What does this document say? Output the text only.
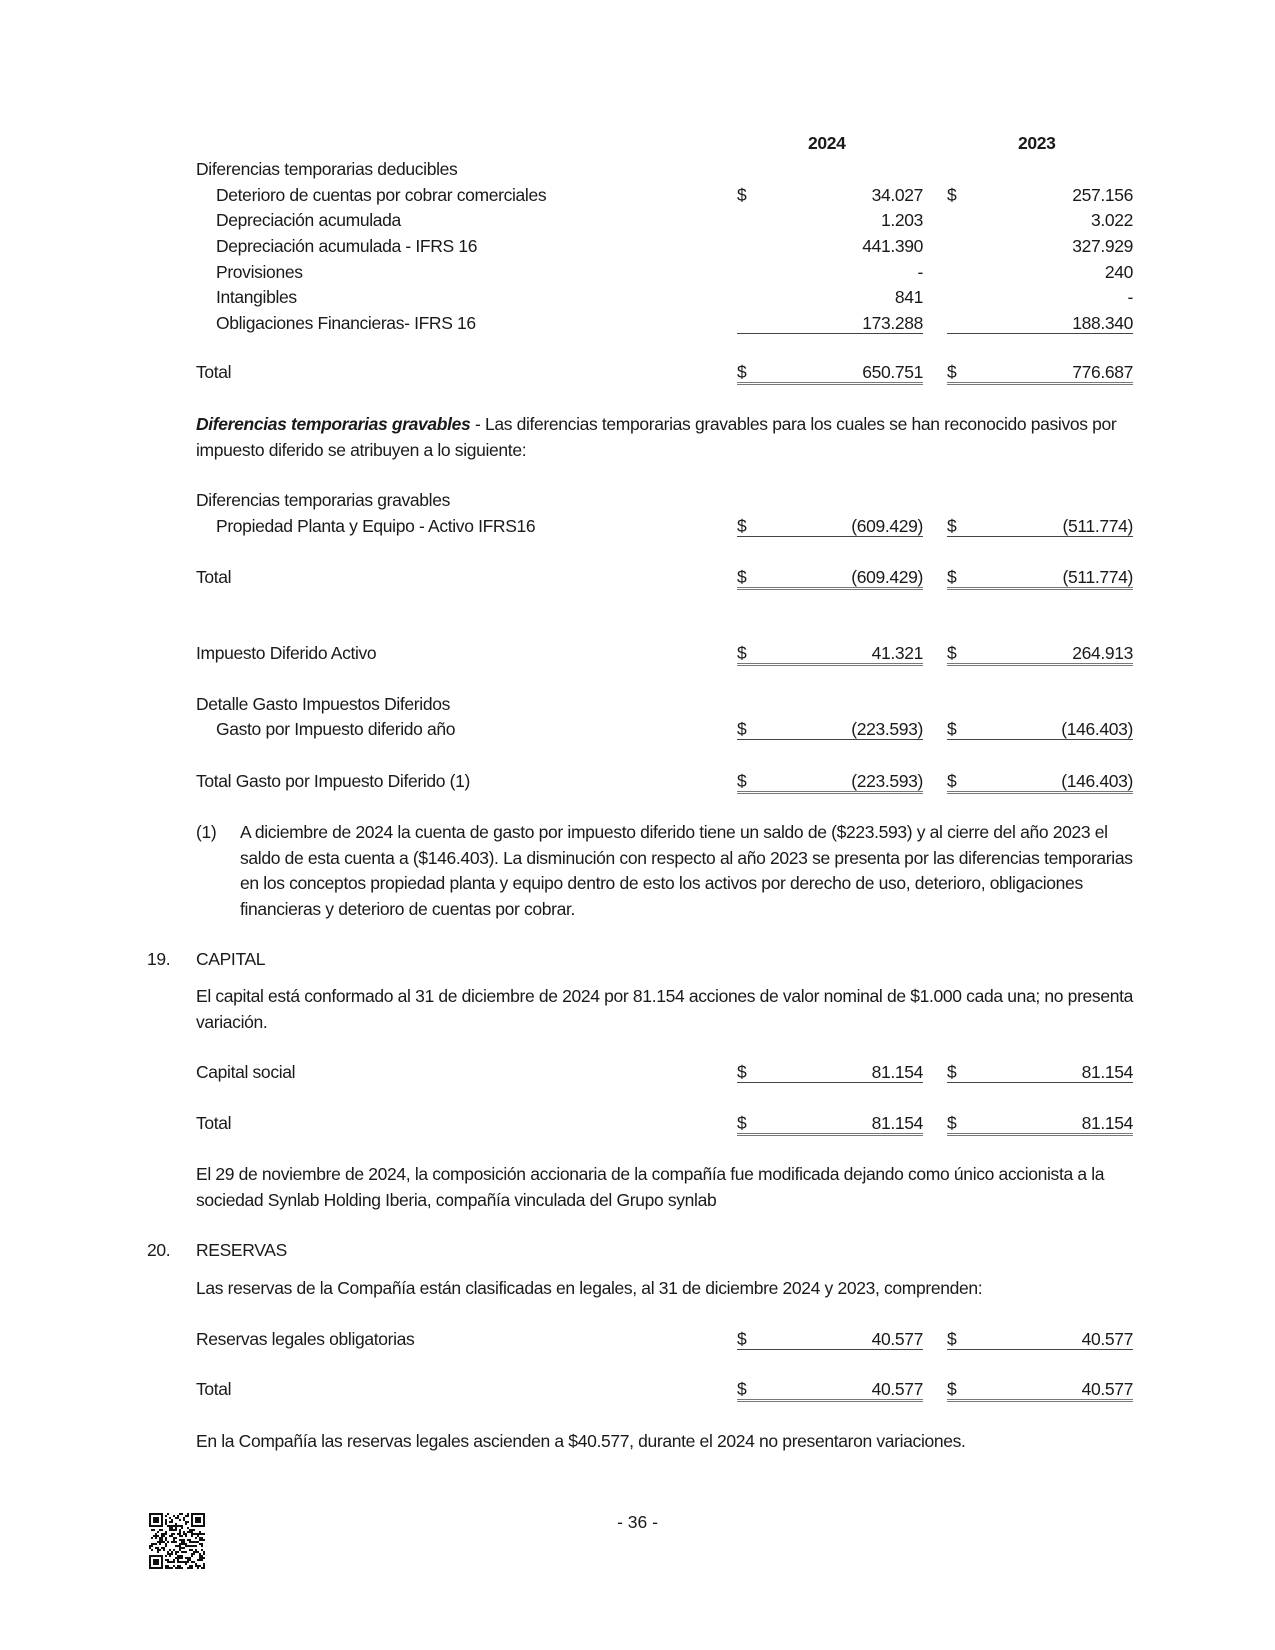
2024	2023
Diferencias temporarias deducibles
Deterioro de cuentas por cobrar comerciales	$	34.027 $	257.156
Depreciación acumulada	1.203	3.022
Depreciación acumulada - IFRS 16	441.390	327.929
Provisiones	-	240
Intangibles	841	-
Obligaciones Financieras- IFRS 16	173.288	188.340
Total	$	650.751 $	776.687
Diferencias temporarias gravables - Las diferencias temporarias gravables para los cuales se han reconocido pasivos por impuesto diferido se atribuyen a lo siguiente:
Diferencias temporarias gravables
Propiedad Planta y Equipo - Activo IFRS16	$	(609.429) $	(511.774)
Total	$	(609.429) $	(511.774)
Impuesto Diferido Activo	$	41.321 $	264.913
Detalle Gasto Impuestos Diferidos
Gasto por Impuesto diferido año	$	(223.593) $	(146.403)
Total Gasto por Impuesto Diferido (1)	$	(223.593) $	(146.403)
(1) A diciembre de 2024 la cuenta de gasto por impuesto diferido tiene un saldo de ($223.593) y al cierre del año 2023 el saldo de esta cuenta a ($146.403). La disminución con respecto al año 2023 se presenta por las diferencias temporarias en los conceptos propiedad planta y equipo dentro de esto los activos por derecho de uso, deterioro, obligaciones financieras y deterioro de cuentas por cobrar.
19. CAPITAL
El capital está conformado al 31 de diciembre de 2024 por 81.154 acciones de valor nominal de $1.000 cada una; no presenta variación.
Capital social	$	81.154 $	81.154
Total	$	81.154 $	81.154
El 29 de noviembre de 2024, la composición accionaria de la compañía fue modificada dejando como único accionista a la sociedad Synlab Holding Iberia, compañía vinculada del Grupo synlab
20. RESERVAS
Las reservas de la Compañía están clasificadas en legales, al 31 de diciembre 2024 y 2023, comprenden:
Reservas legales obligatorias	$	40.577 $	40.577
Total	$	40.577 $	40.577
En la Compañía las reservas legales ascienden a $40.577, durante el 2024 no presentaron variaciones.
- 36 -
